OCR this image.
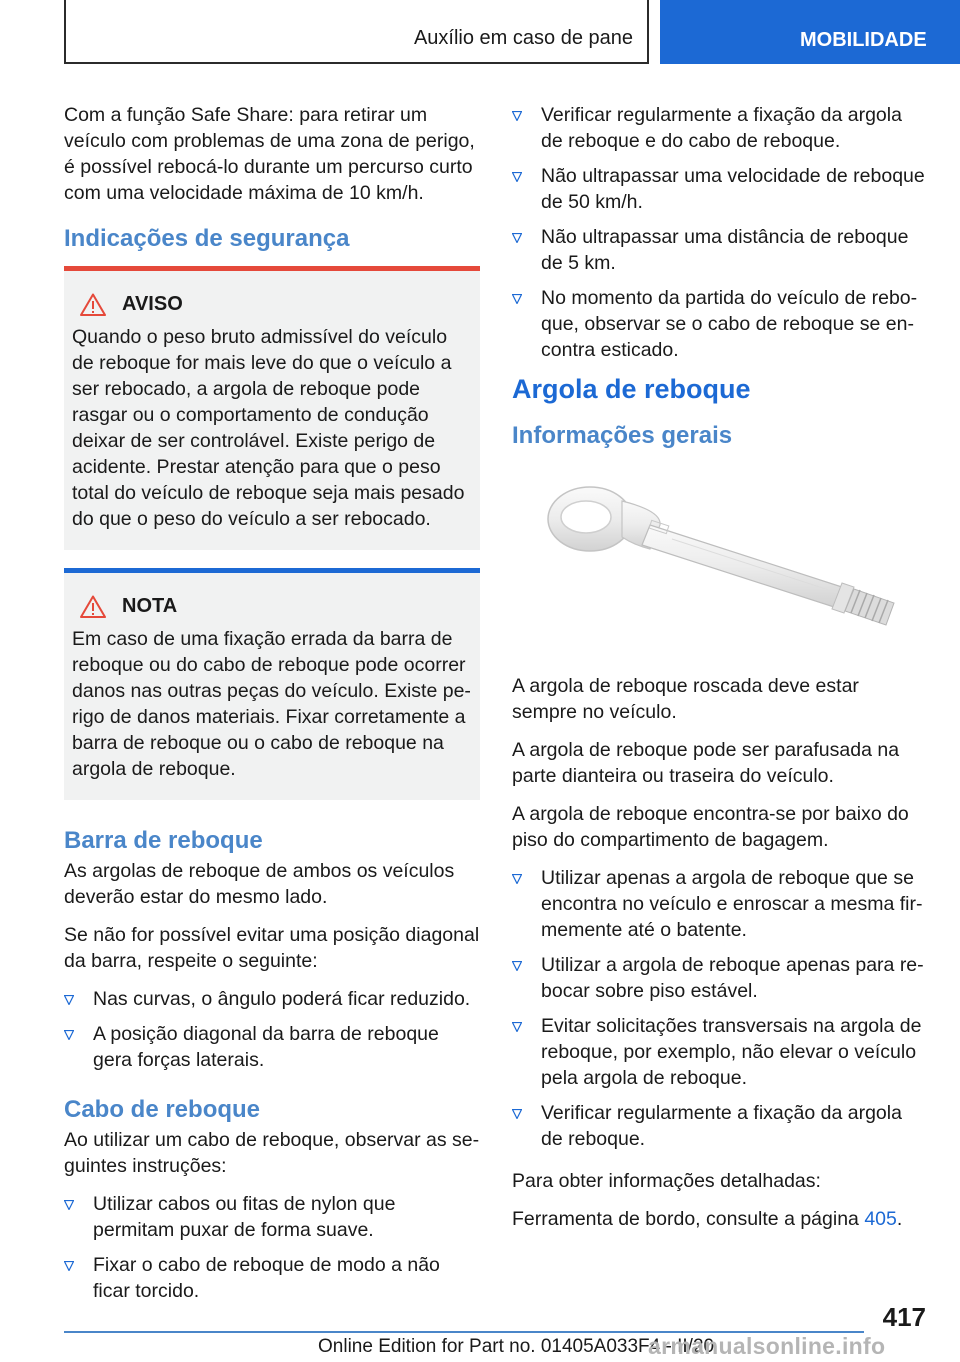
Auxílio em caso de pane	MOBILIDADE

Com a função Safe Share: para retirar um veículo com problemas de uma zona de perigo, é possível rebocá-lo durante um percurso curto com uma velocidade máxima de 10 km/h.

Indicações de segurança
AVISO

Quando o peso bruto admissível do veículo de reboque for mais leve do que o veículo a ser rebocado, a argola de reboque pode rasgar ou o comportamento de condução deixar de ser controlável. Existe perigo de acidente. Prestar atenção para que o peso total do veículo de reboque seja mais pesado do que o peso do veículo a ser rebocado.

NOTA

Em caso de uma fixação errada da barra de reboque ou do cabo de reboque pode ocorrer danos nas outras peças do veículo. Existe perigo de danos materiais. Fixar corretamente a barra de reboque ou o cabo de reboque na argola de reboque.

Barra de reboque

As argolas de reboque de ambos os veículos deverão estar do mesmo lado.

Se não for possível evitar uma posição diagonal da barra, respeite o seguinte:

Nas curvas, o ângulo poderá ficar reduzido.
A posição diagonal da barra de reboque gera forças laterais.
Cabo de reboque

Ao utilizar um cabo de reboque, observar as seguintes instruções:

Utilizar cabos ou fitas de nylon que permitam puxar de forma suave.
Fixar o cabo de reboque de modo a não ficar torcido.
Verificar regularmente a fixação da argola de reboque e do cabo de reboque.
Não ultrapassar uma velocidade de reboque de 50 km/h.
Não ultrapassar uma distância de reboque de 5 km.
No momento da partida do veículo de reboque, observar se o cabo de reboque se encontra esticado.
Argola de reboque
Informações gerais

A argola de reboque roscada deve estar sempre no veículo.

A argola de reboque pode ser parafusada na parte dianteira ou traseira do veículo.

A argola de reboque encontra-se por baixo do piso do compartimento de bagagem.

Utilizar apenas a argola de reboque que se encontra no veículo e enroscar a mesma firmemente até o batente.
Utilizar a argola de reboque apenas para rebocar sobre piso estável.
Evitar solicitações transversais na argola de reboque, por exemplo, não elevar o veículo pela argola de reboque.
Verificar regularmente a fixação da argola de reboque.

Para obter informações detalhadas:

Ferramenta de bordo, consulte a página 405.

417
Online Edition for Part no. 01405A033F4 - II/20
armanualsonline.info
